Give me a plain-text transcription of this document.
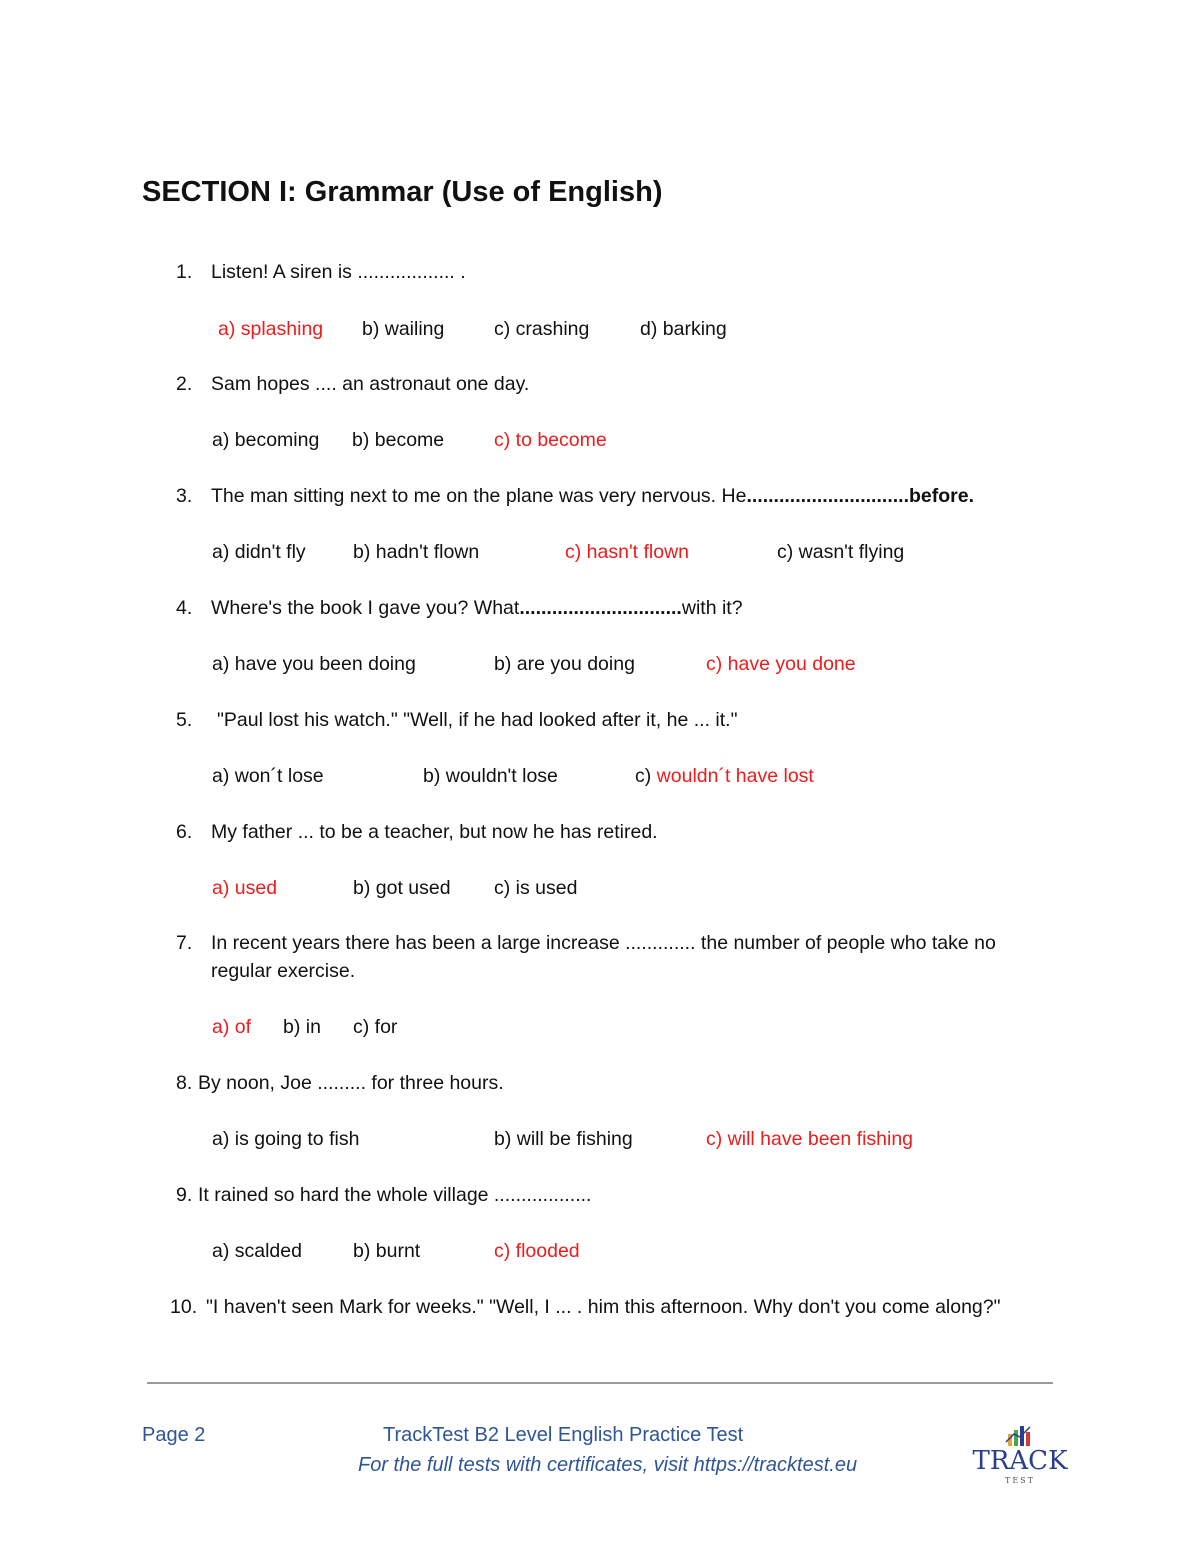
SECTION I: Grammar (Use of English)
1. Listen! A siren is .................. .
a) splashing b) wailing	c) crashing	d) barking
2. Sam hopes .... an astronaut one day.
a) becoming b) become	c) to become
3. The man sitting next to me on the plane was very nervous. He..............................before.
a) didn't fly b) hadn't flown	c) hasn't flown	c) wasn't flying
4. Where's the book I gave you? What..............................with it?
a) have you been doing	b) are you doing	c) have you done
5. "Paul lost his watch." "Well, if he had looked after it, he ... it."
a) won´t lose	b) wouldn't lose	c) wouldn´t have lost
6. My father ... to be a teacher, but now he has retired.
a) used	b) got used c) is used
7. In recent years there has been a large increase ............. the number of people who take no
regular exercise.
a) of b) in c) for
8. By noon, Joe ......... for three hours.
a) is going to fish	b) will be fishing	c) will have been fishing
9. It rained so hard the whole village ..................
a) scalded	b) burnt	c) flooded
10. "I haven't seen Mark for weeks." "Well, I ... . him this afternoon. Why don't you come along?"
Page 2	TrackTest B2 Level English Practice Test
For the full tests with certificates, visit https://tracktest.eu	TRACK
TEST
